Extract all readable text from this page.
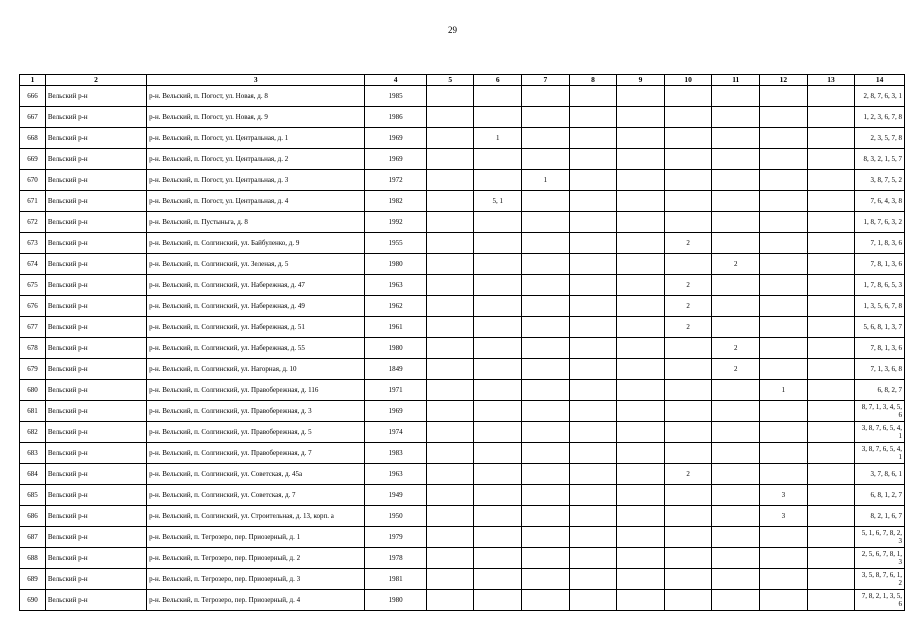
29
1	2	3	4	5	6	7	8	9	10	11	12	13	14
666	Вельский р-н	р-н. Вельский, п. Погост, ул. Новая, д. 8	1985										2, 8, 7, 6, 3, 1
667	Вельский р-н	р-н. Вельский, п. Погост, ул. Новая, д. 9	1986										1, 2, 3, 6, 7, 8
668	Вельский р-н	р-н. Вельский, п. Погост, ул. Центральная, д. 1	1969		1								2, 3, 5, 7, 8
669	Вельский р-н	р-н. Вельский, п. Погост, ул. Центральная, д. 2	1969										8, 3, 2, 1, 5, 7
670	Вельский р-н	р-н. Вельский, п. Погост, ул. Центральная, д. 3	1972			1							3, 8, 7, 5, 2
671	Вельский р-н	р-н. Вельский, п. Погост, ул. Центральная, д. 4	1982		5, 1								7, 6, 4, 3, 8
672	Вельский р-н	р-н. Вельский, п. Пустыньга, д. 8	1992										1, 8, 7, 6, 3, 2
673	Вельский р-н	р-н. Вельский, п. Солгинский, ул. Байбуленко, д. 9	1955						2				7, 1, 8, 3, 6
674	Вельский р-н	р-н. Вельский, п. Солгинский, ул. Зеленая, д. 5	1980							2			7, 8, 1, 3, 6
675	Вельский р-н	р-н. Вельский, п. Солгинский, ул. Набережная, д. 47	1963						2				1, 7, 8, 6, 5, 3
676	Вельский р-н	р-н. Вельский, п. Солгинский, ул. Набережная, д. 49	1962						2				1, 3, 5, 6, 7, 8
677	Вельский р-н	р-н. Вельский, п. Солгинский, ул. Набережная, д. 51	1961						2				5, 6, 8, 1, 3, 7
678	Вельский р-н	р-н. Вельский, п. Солгинский, ул. Набережная, д. 55	1980							2			7, 8, 1, 3, 6
679	Вельский р-н	р-н. Вельский, п. Солгинский, ул. Нагорная, д. 10	1849							2			7, 1, 3, 6, 8
680	Вельский р-н	р-н. Вельский, п. Солгинский, ул. Правобережная, д. 116	1971								1		6, 8, 2, 7
681	Вельский р-н	р-н. Вельский, п. Солгинский, ул. Правобережная, д. 3	1969										8, 7, 1, 3, 4, 5, 6
682	Вельский р-н	р-н. Вельский, п. Солгинский, ул. Правобережная, д. 5	1974										3, 8, 7, 6, 5, 4, 1
683	Вельский р-н	р-н. Вельский, п. Солгинский, ул. Правобережная, д. 7	1983										3, 8, 7, 6, 5, 4, 1
684	Вельский р-н	р-н. Вельский, п. Солгинский, ул. Советская, д. 45а	1963						2				3, 7, 8, 6, 1
685	Вельский р-н	р-н. Вельский, п. Солгинский, ул. Советская, д. 7	1949								3		6, 8, 1, 2, 7
686	Вельский р-н	р-н. Вельский, п. Солгинский, ул. Строительная, д. 13, корп. а	1950								3		8, 2, 1, 6, 7
687	Вельский р-н	р-н. Вельский, п. Тегрозеро, пер. Приозерный, д. 1	1979										5, 1, 6, 7, 8, 2, 3
688	Вельский р-н	р-н. Вельский, п. Тегрозеро, пер. Приозерный, д. 2	1978										2, 5, 6, 7, 8, 1, 3
689	Вельский р-н	р-н. Вельский, п. Тегрозеро, пер. Приозерный, д. 3	1981										3, 5, 8, 7, 6, 1, 2
690	Вельский р-н	р-н. Вельский, п. Тегрозеро, пер. Приозерный, д. 4	1980										7, 8, 2, 1, 3, 5, 6
